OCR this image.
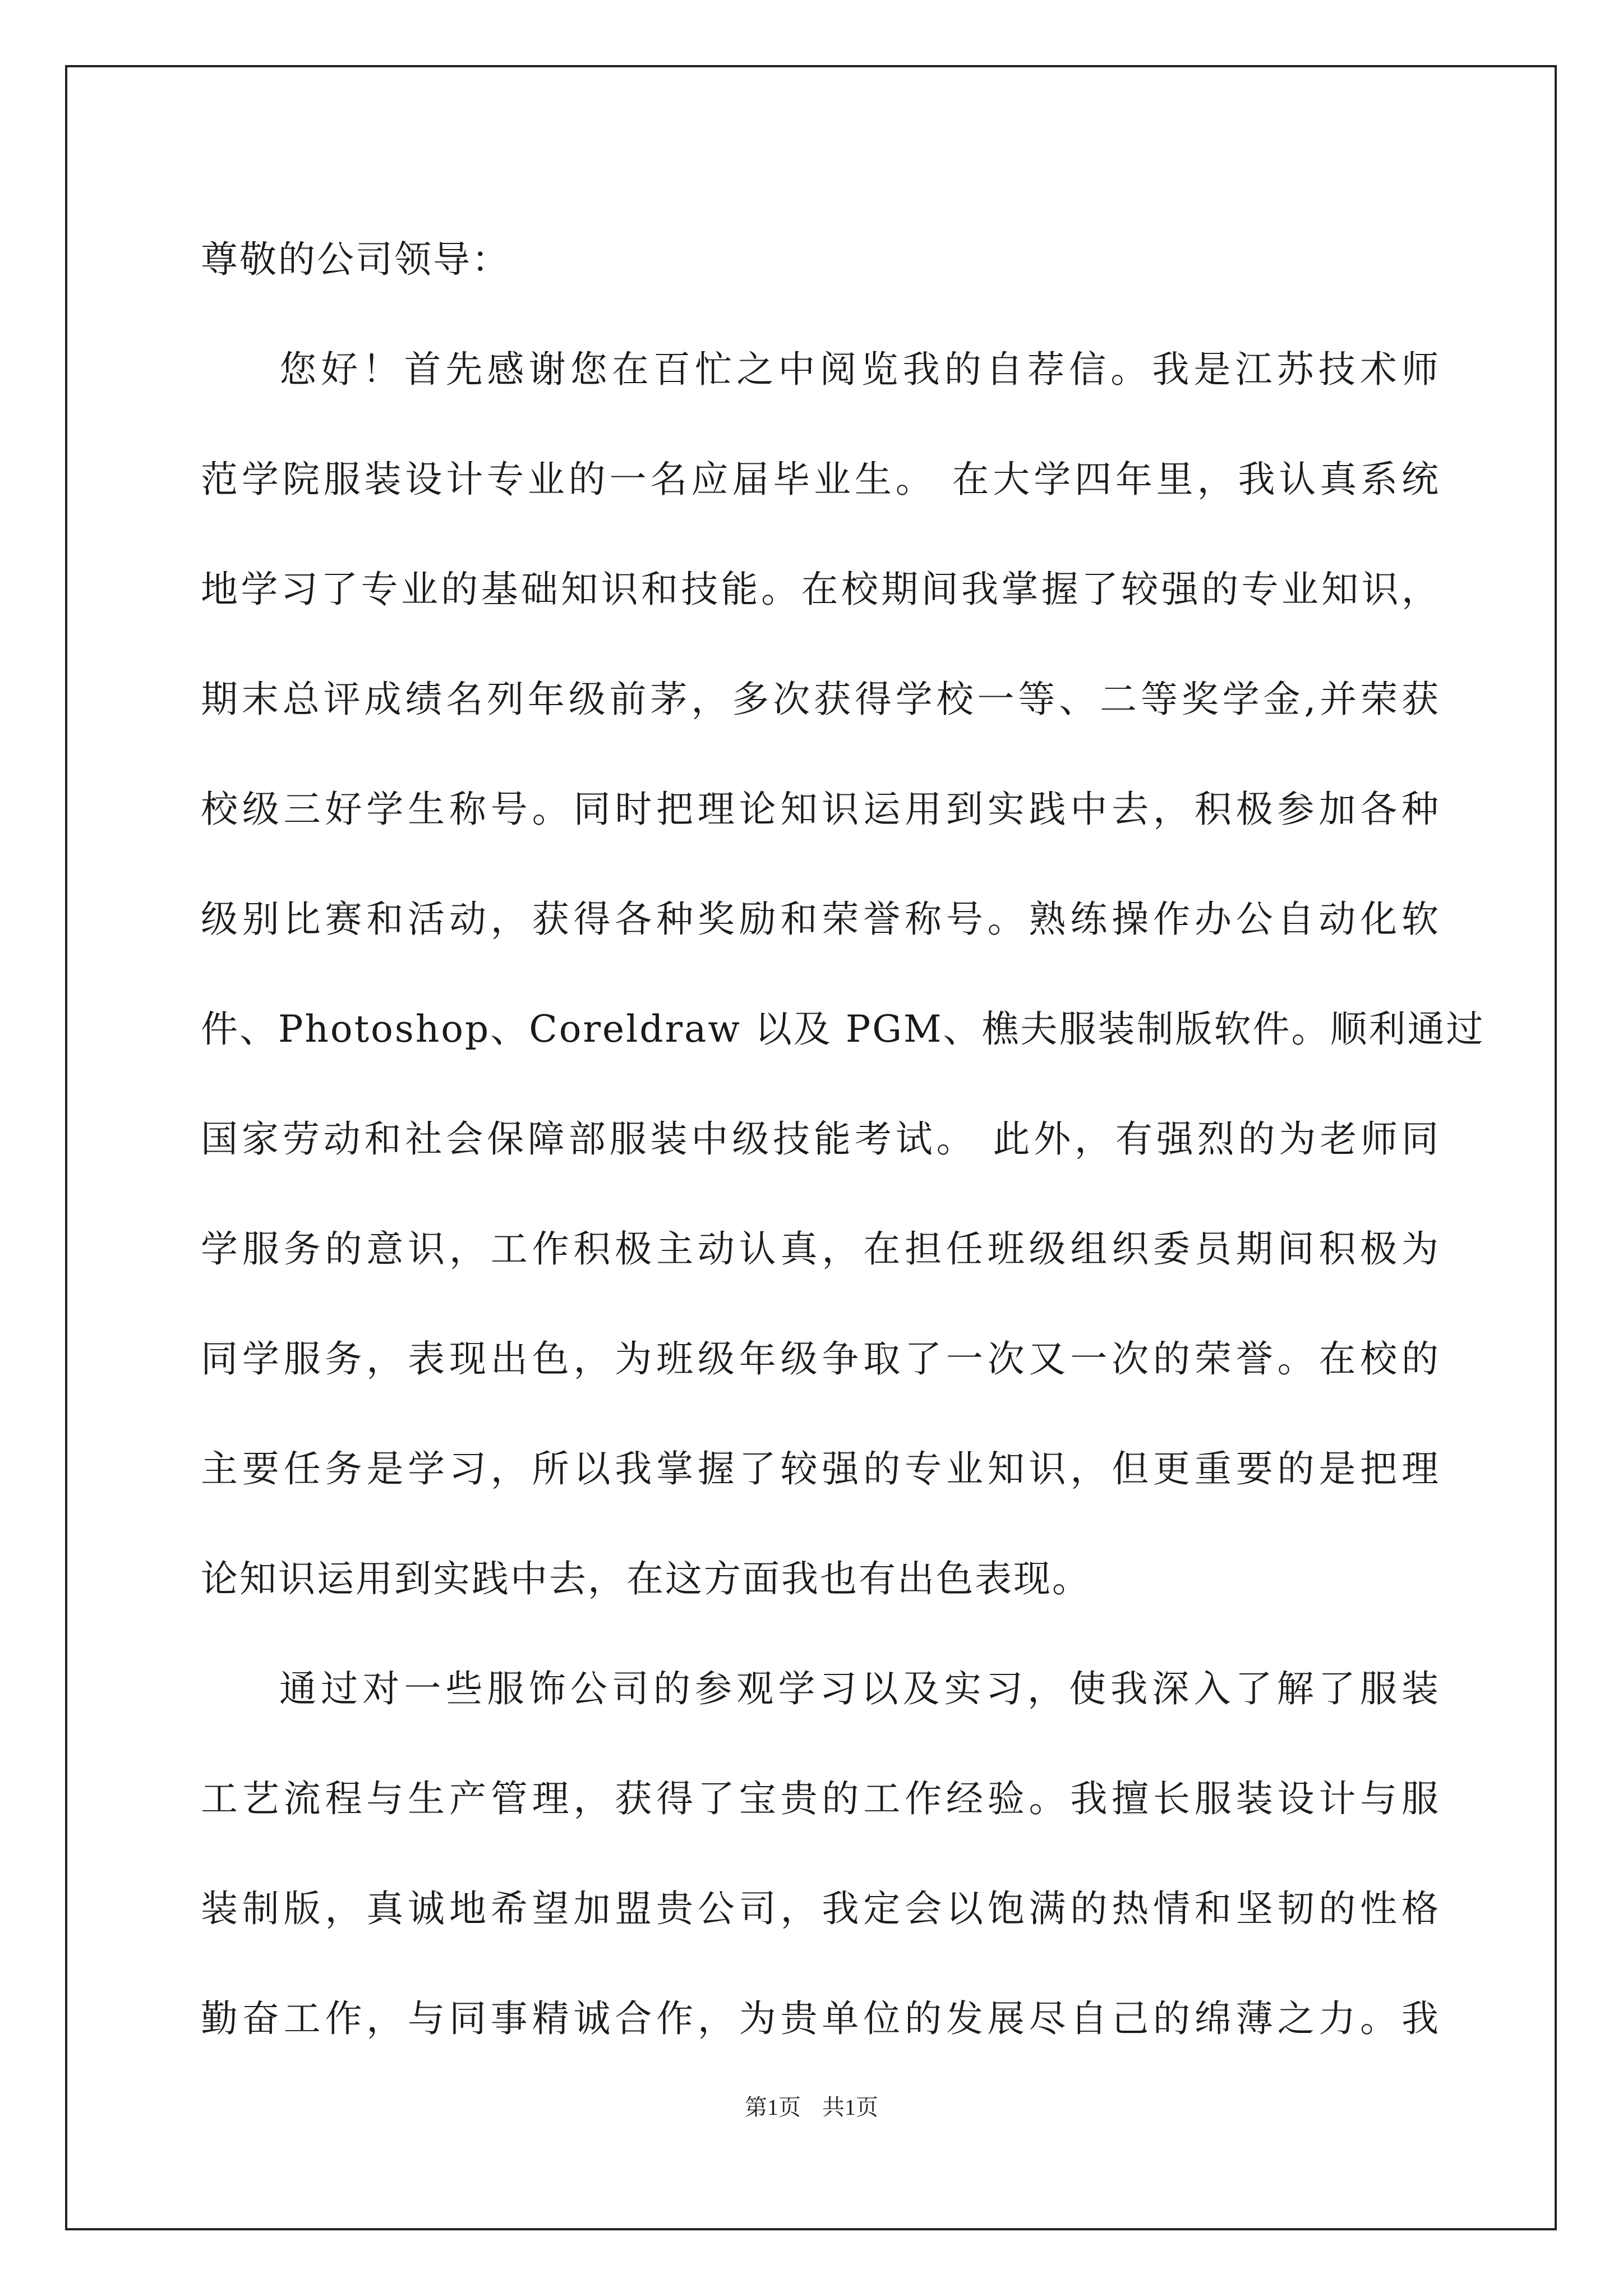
尊敬的公司领导：
您好！首先感谢您在百忙之中阅览我的自荐信。我是江苏技术师
范学院服装设计专业的一名应届毕业生。 在大学四年里，我认真系统
地学习了专业的基础知识和技能。在校期间我掌握了较强的专业知识，
期末总评成绩名列年级前茅，多次获得学校一等、二等奖学金,并荣获
校级三好学生称号。同时把理论知识运用到实践中去，积极参加各种
级别比赛和活动，获得各种奖励和荣誉称号。熟练操作办公自动化软
件、Photoshop、Coreldraw 以及 PGM、樵夫服装制版软件。顺利通过
国家劳动和社会保障部服装中级技能考试。 此外，有强烈的为老师同
学服务的意识，工作积极主动认真，在担任班级组织委员期间积极为
同学服务，表现出色，为班级年级争取了一次又一次的荣誉。在校的
主要任务是学习，所以我掌握了较强的专业知识，但更重要的是把理
论知识运用到实践中去，在这方面我也有出色表现。
通过对一些服饰公司的参观学习以及实习，使我深入了解了服装
工艺流程与生产管理，获得了宝贵的工作经验。我擅长服装设计与服
装制版，真诚地希望加盟贵公司，我定会以饱满的热情和坚韧的性格
勤奋工作，与同事精诚合作，为贵单位的发展尽自己的绵薄之力。我
第1页 共1页
